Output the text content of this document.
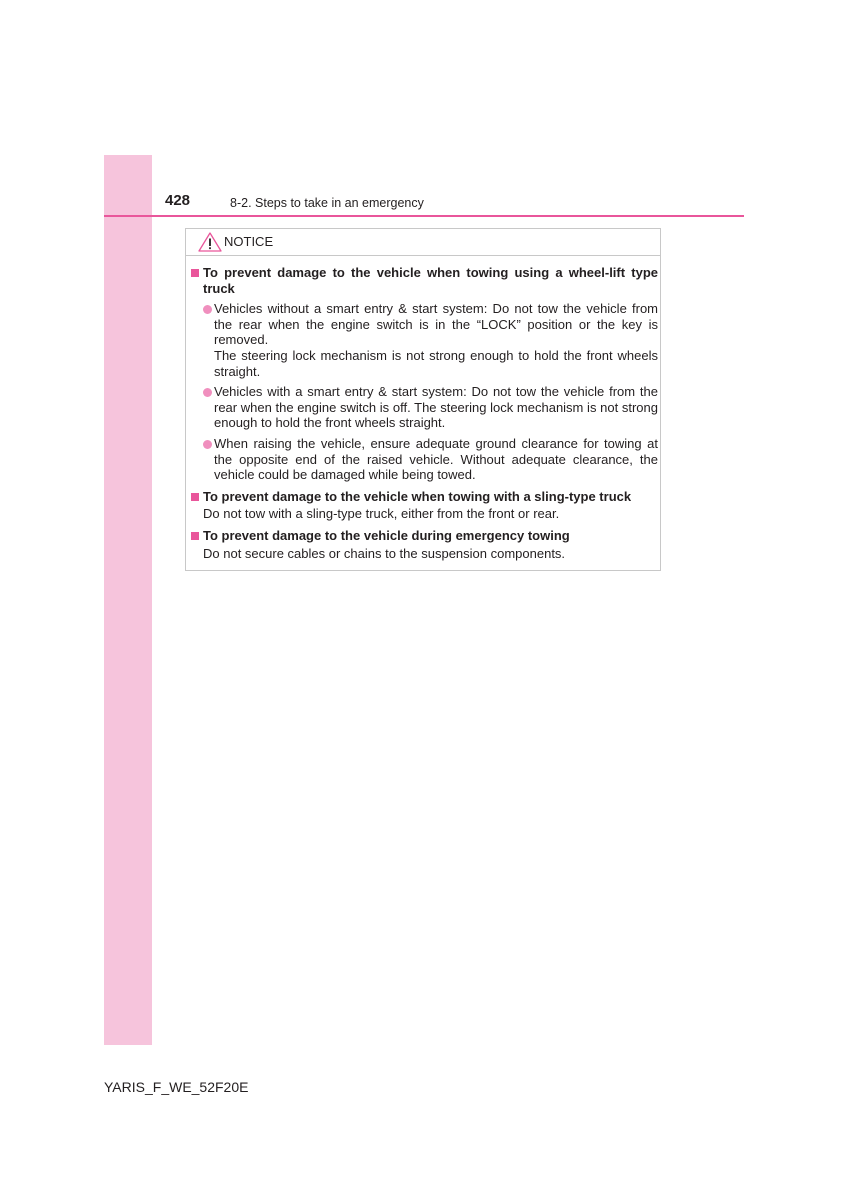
428	8-2. Steps to take in an emergency
NOTICE
To prevent damage to the vehicle when towing using a wheel-lift type truck

Vehicles without a smart entry & start system: Do not tow the vehicle from the rear when the engine switch is in the “LOCK” position or the key is removed.

The steering lock mechanism is not strong enough to hold the front wheels straight.

Vehicles with a smart entry & start system: Do not tow the vehicle from the rear when the engine switch is off. The steering lock mechanism is not strong enough to hold the front wheels straight.

When raising the vehicle, ensure adequate ground clearance for towing at the opposite end of the raised vehicle. Without adequate clearance, the vehicle could be damaged while being towed.

To prevent damage to the vehicle when towing with a sling-type truck
Do not tow with a sling-type truck, either from the front or rear.
To prevent damage to the vehicle during emergency towing
Do not secure cables or chains to the suspension components.
YARIS_F_WE_52F20E
